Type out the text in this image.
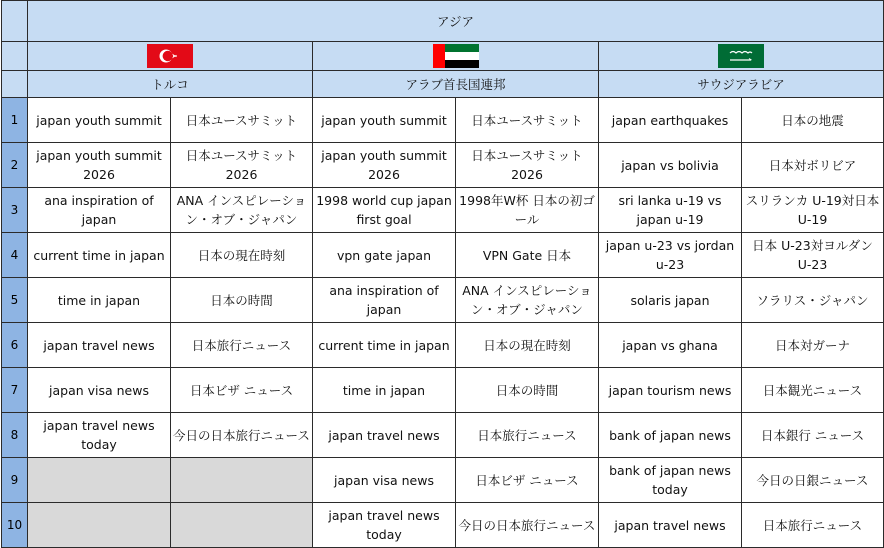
	アジア					

	トルコ		アラブ首長国連邦		サウジアラビア	
1	japan youth summit	日本ユースサミット	japan youth summit	日本ユースサミット	japan earthquakes	日本の地震
2	japan youth summit 2026	日本ユースサミット 2026	japan youth summit 2026	日本ユースサミット 2026	japan vs bolivia	日本対ボリビア
3	ana inspiration of japan	ANA インスピレーション・オブ・ジャパン	1998 world cup japan first goal	1998年W杯 日本の初ゴール	sri lanka u-19 vs japan u-19	スリランカ U-19対日本 U-19
4	current time in japan	日本の現在時刻	vpn gate japan	VPN Gate 日本	japan u-23 vs jordan u-23	日本 U-23対ヨルダン U-23
5	time in japan	日本の時間	ana inspiration of japan	ANA インスピレーション・オブ・ジャパン	solaris japan	ソラリス・ジャパン
6	japan travel news	日本旅行ニュース	current time in japan	日本の現在時刻	japan vs ghana	日本対ガーナ
7	japan visa news	日本ビザ ニュース	time in japan	日本の時間	japan tourism news	日本観光ニュース
8	japan travel news today	今日の日本旅行ニュース	japan travel news	日本旅行ニュース	bank of japan news	日本銀行 ニュース
9			japan visa news	日本ビザ ニュース	bank of japan news today	今日の日銀ニュース
10			japan travel news today	今日の日本旅行ニュース	japan travel news	日本旅行ニュース
